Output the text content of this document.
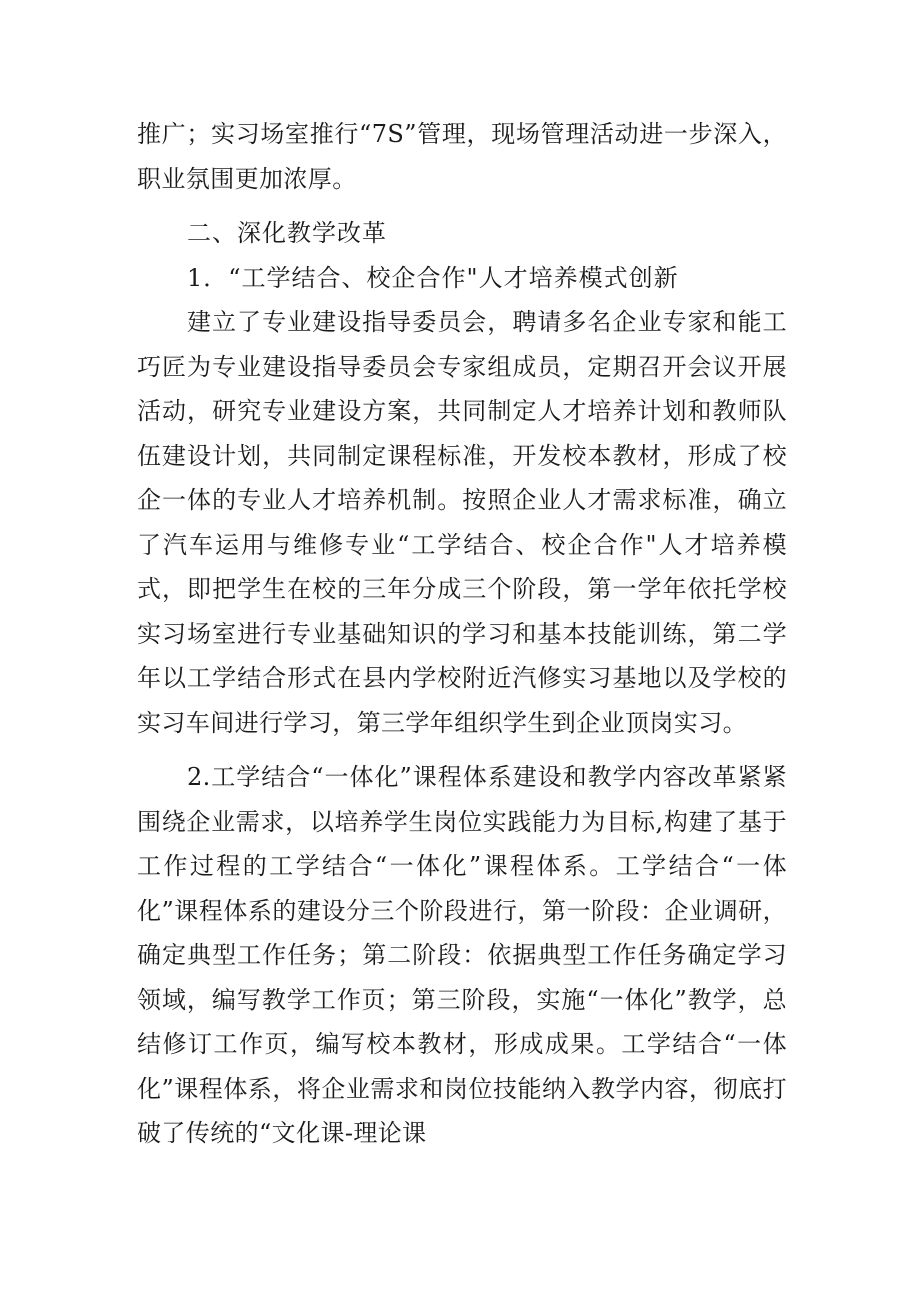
推广；实习场室推行“7S”管理，现场管理活动进一步深入，职业氛围更加浓厚。

二、深化教学改革

1．“工学结合、校企合作"人才培养模式创新

建立了专业建设指导委员会，聘请多名企业专家和能工巧匠为专业建设指导委员会专家组成员，定期召开会议开展活动，研究专业建设方案，共同制定人才培养计划和教师队伍建设计划，共同制定课程标准，开发校本教材，形成了校企一体的专业人才培养机制。按照企业人才需求标准，确立了汽车运用与维修专业“工学结合、校企合作"人才培养模式，即把学生在校的三年分成三个阶段，第一学年依托学校实习场室进行专业基础知识的学习和基本技能训练，第二学年以工学结合形式在县内学校附近汽修实习基地以及学校的实习车间进行学习，第三学年组织学生到企业顶岗实习。

2.工学结合“一体化”课程体系建设和教学内容改革紧紧围绕企业需求，以培养学生岗位实践能力为目标,构建了基于工作过程的工学结合“一体化”课程体系。工学结合“一体化”课程体系的建设分三个阶段进行，第一阶段：企业调研，确定典型工作任务；第二阶段：依据典型工作任务确定学习领域，编写教学工作页；第三阶段，实施“一体化”教学，总结修订工作页，编写校本教材，形成成果。工学结合“一体化”课程体系，将企业需求和岗位技能纳入教学内容，彻底打破了传统的“文化课-理论课
